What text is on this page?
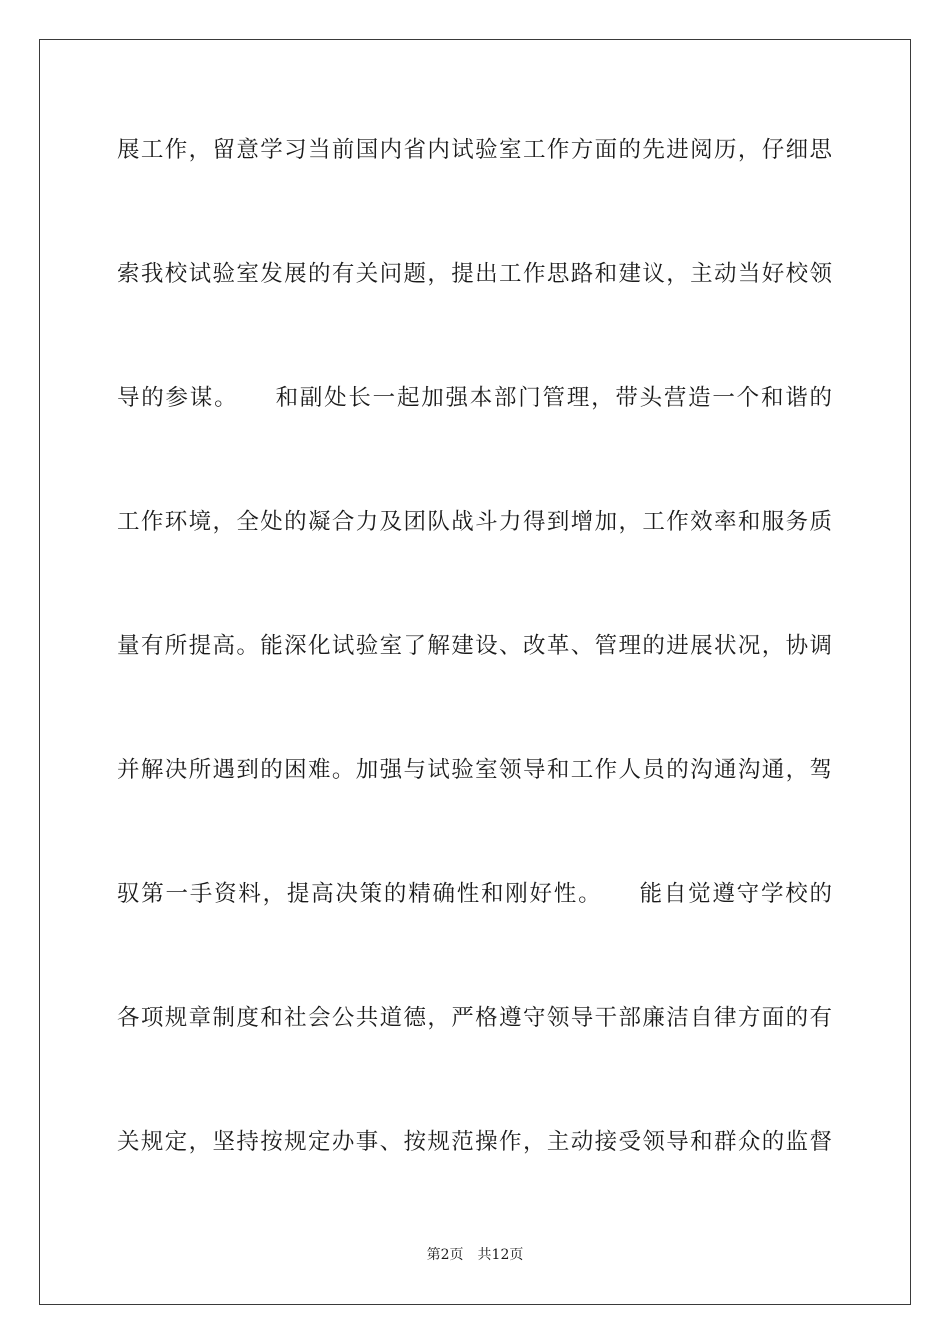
展工作，留意学习当前国内省内试验室工作方面的先进阅历，仔细思
索我校试验室发展的有关问题，提出工作思路和建议，主动当好校领
导的参谋。　　和副处长一起加强本部门管理，带头营造一个和谐的
工作环境，全处的凝合力及团队战斗力得到增加，工作效率和服务质
量有所提高。能深化试验室了解建设、改革、管理的进展状况，协调
并解决所遇到的困难。加强与试验室领导和工作人员的沟通沟通，驾
驭第一手资料，提高决策的精确性和刚好性。　　能自觉遵守学校的
各项规章制度和社会公共道德，严格遵守领导干部廉洁自律方面的有
关规定，坚持按规定办事、按规范操作，主动接受领导和群众的监督
第2页 共12页
